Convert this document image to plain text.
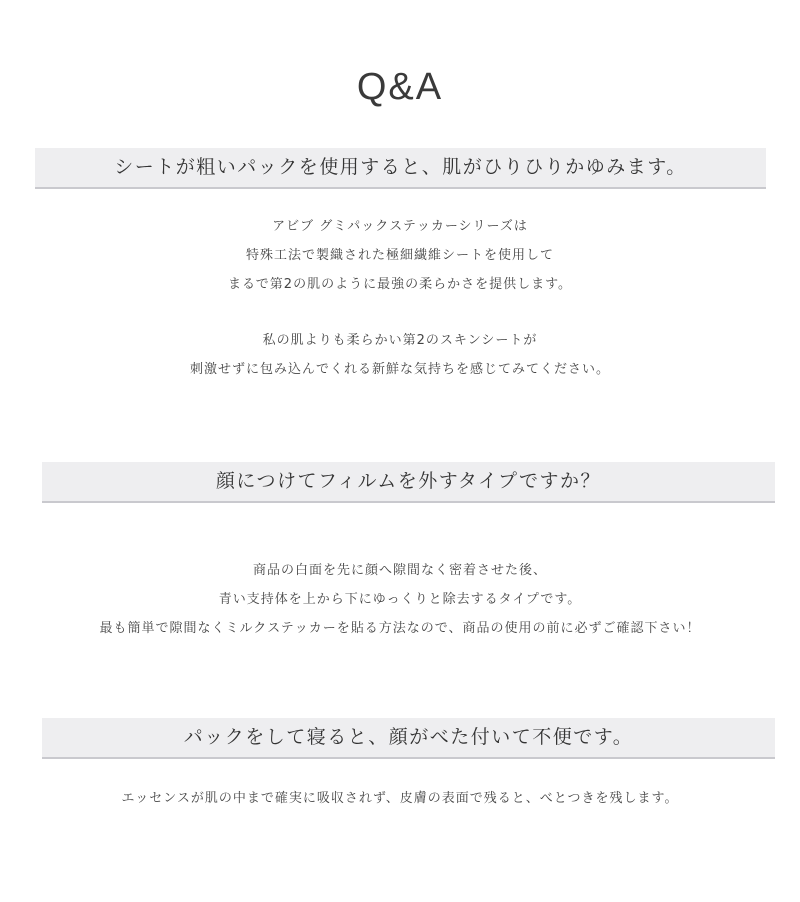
Q&A
シートが粗いパックを使用すると、肌がひりひりかゆみます。

アビブ グミパックステッカーシリーズは

特殊工法で製織された極細繊維シートを使用して

まるで第2の肌のように最強の柔らかさを提供します。

私の肌よりも柔らかい第2のスキンシートが

刺激せずに包み込んでくれる新鮮な気持ちを感じてみてください。

顔につけてフィルムを外すタイプですか？

商品の白面を先に顔へ隙間なく密着させた後、

青い支持体を上から下にゆっくりと除去するタイプです。

最も簡単で隙間なくミルクステッカーを貼る方法なので、商品の使用の前に必ずご確認下さい！

パックをして寝ると、顔がべた付いて不便です。

エッセンスが肌の中まで確実に吸収されず、皮膚の表面で残ると、べとつきを残します。
